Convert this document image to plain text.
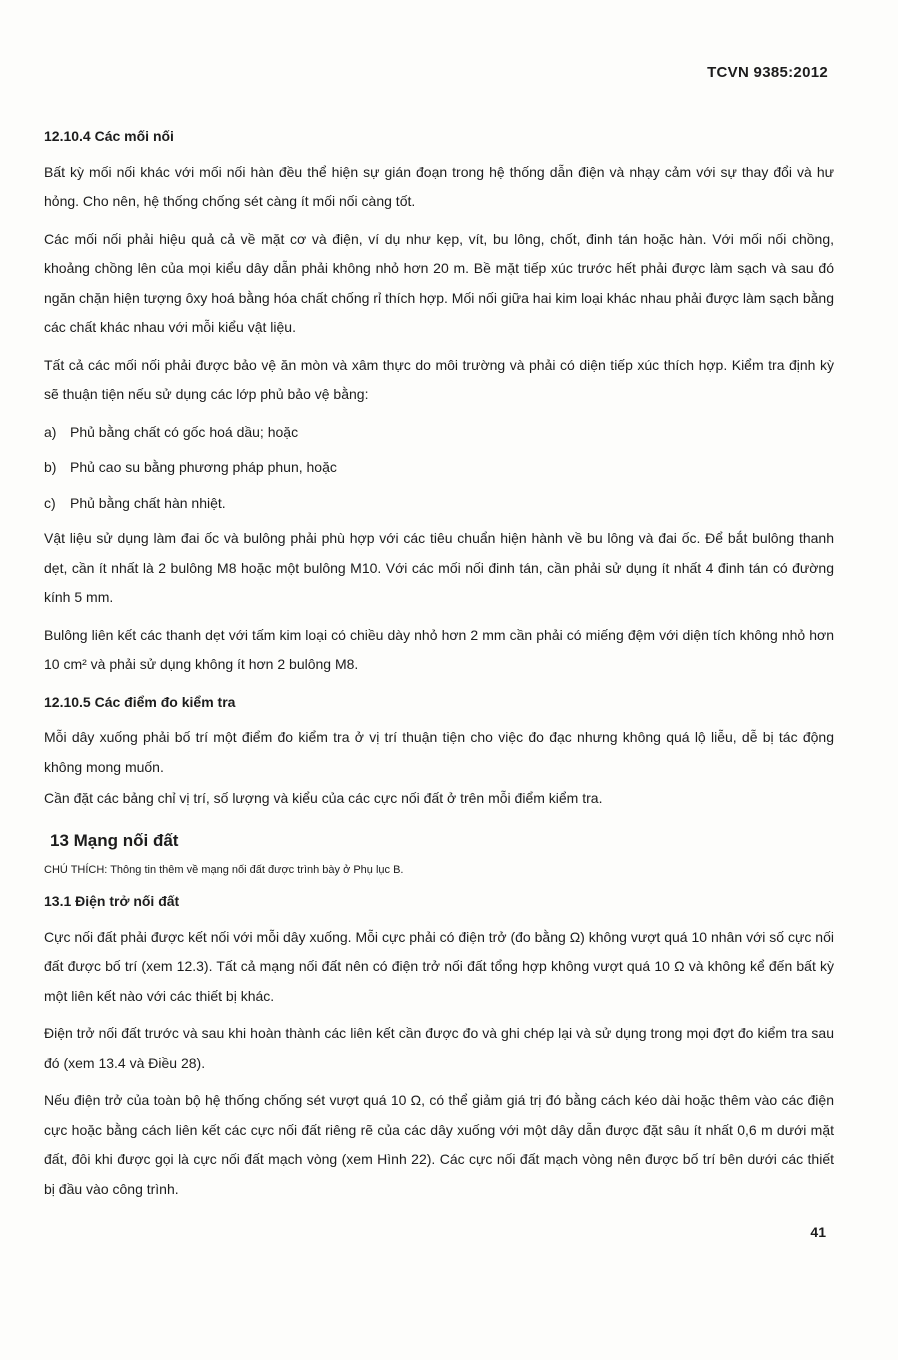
TCVN 9385:2012
12.10.4 Các mối nối

Bất kỳ mối nối khác với mối nối hàn đều thể hiện sự gián đoạn trong hệ thống dẫn điện và nhạy cảm với sự thay đổi và hư hỏng. Cho nên, hệ thống chống sét càng ít mối nối càng tốt.

Các mối nối phải hiệu quả cả về mặt cơ và điện, ví dụ như kẹp, vít, bu lông, chốt, đinh tán hoặc hàn. Với mối nối chồng, khoảng chồng lên của mọi kiểu dây dẫn phải không nhỏ hơn 20 m. Bề mặt tiếp xúc trước hết phải được làm sạch và sau đó ngăn chặn hiện tượng ôxy hoá bằng hóa chất chống rỉ thích hợp. Mối nối giữa hai kim loại khác nhau phải được làm sạch bằng các chất khác nhau với mỗi kiểu vật liệu.

Tất cả các mối nối phải được bảo vệ ăn mòn và xâm thực do môi trường và phải có diện tiếp xúc thích hợp. Kiểm tra định kỳ sẽ thuận tiện nếu sử dụng các lớp phủ bảo vệ bằng:

a) Phủ bằng chất có gốc hoá dầu; hoặc
b) Phủ cao su bằng phương pháp phun, hoặc
c) Phủ bằng chất hàn nhiệt.

Vật liệu sử dụng làm đai ốc và bulông phải phù hợp với các tiêu chuẩn hiện hành về bu lông và đai ốc. Để bắt bulông thanh dẹt, cần ít nhất là 2 bulông M8 hoặc một bulông M10. Với các mối nối đinh tán, cần phải sử dụng ít nhất 4 đinh tán có đường kính 5 mm.

Bulông liên kết các thanh dẹt với tấm kim loại có chiều dày nhỏ hơn 2 mm cần phải có miếng đệm với diện tích không nhỏ hơn 10 cm² và phải sử dụng không ít hơn 2 bulông M8.

12.10.5 Các điểm đo kiểm tra

Mỗi dây xuống phải bố trí một điểm đo kiểm tra ở vị trí thuận tiện cho việc đo đạc nhưng không quá lộ liễu, dễ bị tác động không mong muốn.

Cần đặt các bảng chỉ vị trí, số lượng và kiểu của các cực nối đất ở trên mỗi điểm kiểm tra.

13 Mạng nối đất
CHÚ THÍCH: Thông tin thêm về mạng nối đất được trình bày ở Phụ lục B.
13.1 Điện trở nối đất

Cực nối đất phải được kết nối với mỗi dây xuống. Mỗi cực phải có điện trở (đo bằng Ω) không vượt quá 10 nhân với số cực nối đất được bố trí (xem 12.3). Tất cả mạng nối đất nên có điện trở nối đất tổng hợp không vượt quá 10 Ω và không kể đến bất kỳ một liên kết nào với các thiết bị khác.

Điện trở nối đất trước và sau khi hoàn thành các liên kết cần được đo và ghi chép lại và sử dụng trong mọi đợt đo kiểm tra sau đó (xem 13.4 và Điều 28).

Nếu điện trở của toàn bộ hệ thống chống sét vượt quá 10 Ω, có thể giảm giá trị đó bằng cách kéo dài hoặc thêm vào các điện cực hoặc bằng cách liên kết các cực nối đất riêng rẽ của các dây xuống với một dây dẫn được đặt sâu ít nhất 0,6 m dưới mặt đất, đôi khi được gọi là cực nối đất mạch vòng (xem Hình 22). Các cực nối đất mạch vòng nên được bố trí bên dưới các thiết bị đầu vào công trình.

41
